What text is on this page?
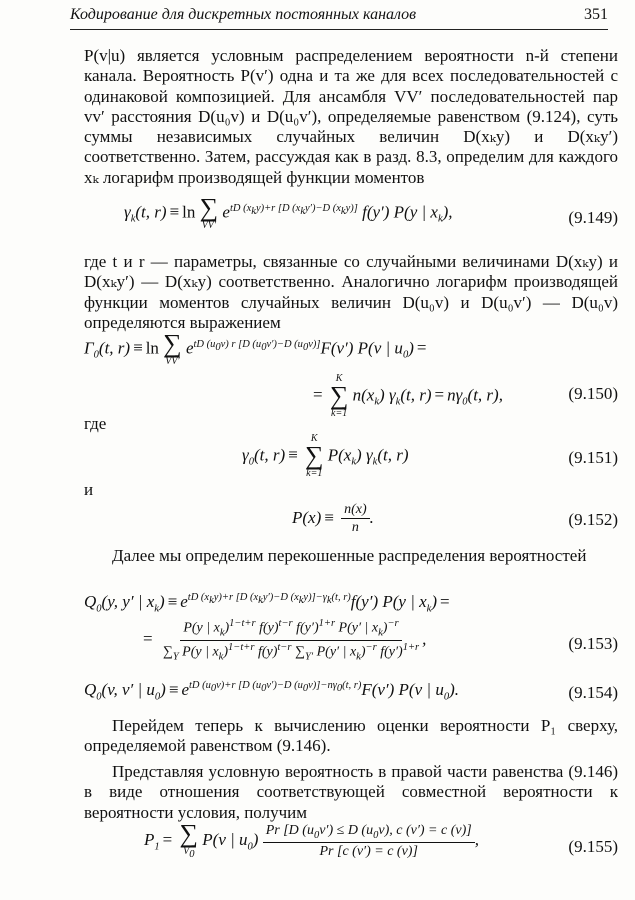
Кодирование для дискретных постоянных каналов	351
P(v|u) является условным распределением вероятности n-й степени канала. Вероятность P(v′) одна и та же для всех последовательностей с одинаковой композицией. Для ансамбля VV′ последовательностей пар vv′ расстояния D(u₀v) и D(u₀v′), определяемые равенством (9.124), суть суммы независимых случайных величин D(xₖy) и D(xₖy′) соответственно. Затем, рассуждая как в разд. 8.3, определим для каждого xₖ логарифм производящей функции моментов
$\gamma_k(t$, r) ≡ ln ∑
VV′
$e^{tD (x_ky)+r [D (x_ky')-D (x_ky)]}$ f(y′) P(y | $x_k$),	(9.149)
где t и r — параметры, связанные со случайными величинами D(xₖy) и D(xₖy′) — D(xₖy) соответственно. Аналогично логарифм производящей функции моментов случайных величин D(u₀v) и D(u₀v′) — D(u₀v) определяются выражением
$\Gamma_0(t$, r) ≡ ln ∑
VV′
$e^{tD (u_0v) r [D (u_0v')-D (u_0v)]}F(v')$ P(v | $u_0$) =
=
K
∑
k=1
$n(x_k)$ $\gamma_k(t$, $r) = n\gamma_0(t$, r),	(9.150)
где
$\gamma_0(t$, r) ≡
K
∑
k=1
$P(x_k)$ $\gamma_k(t$, r)	(9.151)
и
$P(x) \equiv \frac{n(x)}{n}$ .	(9.152)
Далее мы определим перекошенные распределения вероятностей
$Q_0(y$, y′ | $x_k) \equiv e^{tD (x_ky)+r [D (x_ky')-D (x_ky)]-\gamma_k(t, r)}f(y')$ P(y | $x_k$) =
= $\frac{P(y | x_k)^{1-t+r} f(y)^{t-r} f(y')^{1+r} P(y' | x_k)^{-r}}{\sum_Y P(y | x_k)^{1-t+r} f(y)^{t-r} \sum_{Y'} P(y' | x_k)^{-r} f(y')^{1+r}}$ ,	(9.153)
$Q_0(v$, v′ | $u_0) \equiv e^{tD (u_0v)+r [D (u_0v')-D (u_0v)]-n\gamma_0(t, r)}F(v')$ P(v | $u_0$).	(9.154)
Перейдем теперь к вычислению оценки вероятности P₁ сверху, определяемой равенством (9.146).
Представляя условную вероятность в правой части равенства (9.146) в виде отношения соответствующей совместной вероятности к вероятности условия, получим
$P_1$ = ∑
$V_0$
P(v | $u_0) \frac{Pr [D (u_0v') \le D (u_0v), c (v') = c (v)]}{Pr [c (v') = c (v)]}$ ,	(9.155)
